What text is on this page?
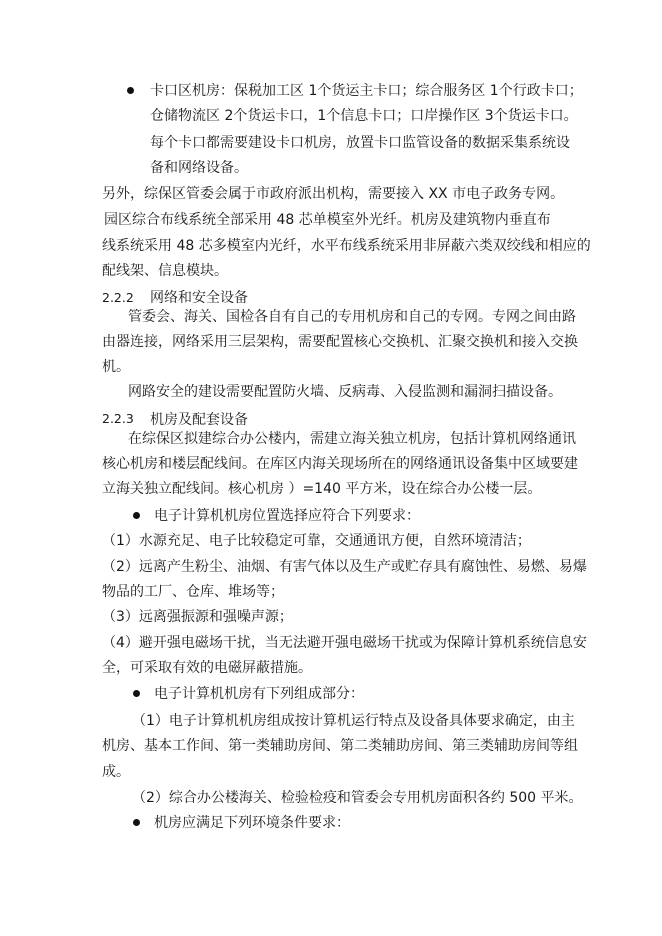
卡口区机房：保税加工区 1个货运主卡口；综合服务区 1个行政卡口；
仓储物流区 2个货运卡口，1个信息卡口；口岸操作区 3个货运卡口。
每个卡口都需要建设卡口机房，放置卡口监管设备的数据采集系统设
备和网络设备。
另外，综保区管委会属于市政府派出机构，需要接入 XX 市电子政务专网。
园区综合布线系统全部采用 48 芯单模室外光纤。机房及建筑物内垂直布
线系统采用 48 芯多模室内光纤，水平布线系统采用非屏蔽六类双绞线和相应的
配线架、信息模块。
2.2.2 网络和安全设备
管委会、海关、国检各自有自己的专用机房和自己的专网。专网之间由路
由器连接，网络采用三层架构，需要配置核心交换机、汇聚交换机和接入交换
机。
网路安全的建设需要配置防火墙、反病毒、入侵监测和漏洞扫描设备。
2.2.3 机房及配套设备
在综保区拟建综合办公楼内，需建立海关独立机房，包括计算机网络通讯
核心机房和楼层配线间。在库区内海关现场所在的网络通讯设备集中区域要建
立海关独立配线间。核心机房 ）=140 平方米，设在综合办公楼一层。
电子计算机机房位置选择应符合下列要求：
（1）水源充足、电子比较稳定可靠，交通通讯方便，自然环境清洁；
（2）远离产生粉尘、油烟、有害气体以及生产或贮存具有腐蚀性、易燃、易爆
物品的工厂、仓库、堆场等；
（3）远离强振源和强噪声源；
（4）避开强电磁场干扰，当无法避开强电磁场干扰或为保障计算机系统信息安
全，可采取有效的电磁屏蔽措施。
电子计算机机房有下列组成部分：
（1）电子计算机机房组成按计算机运行特点及设备具体要求确定，由主
机房、基本工作间、第一类辅助房间、第二类辅助房间、第三类辅助房间等组
成。
（2）综合办公楼海关、检验检疫和管委会专用机房面积各约 500 平米。
机房应满足下列环境条件要求：
